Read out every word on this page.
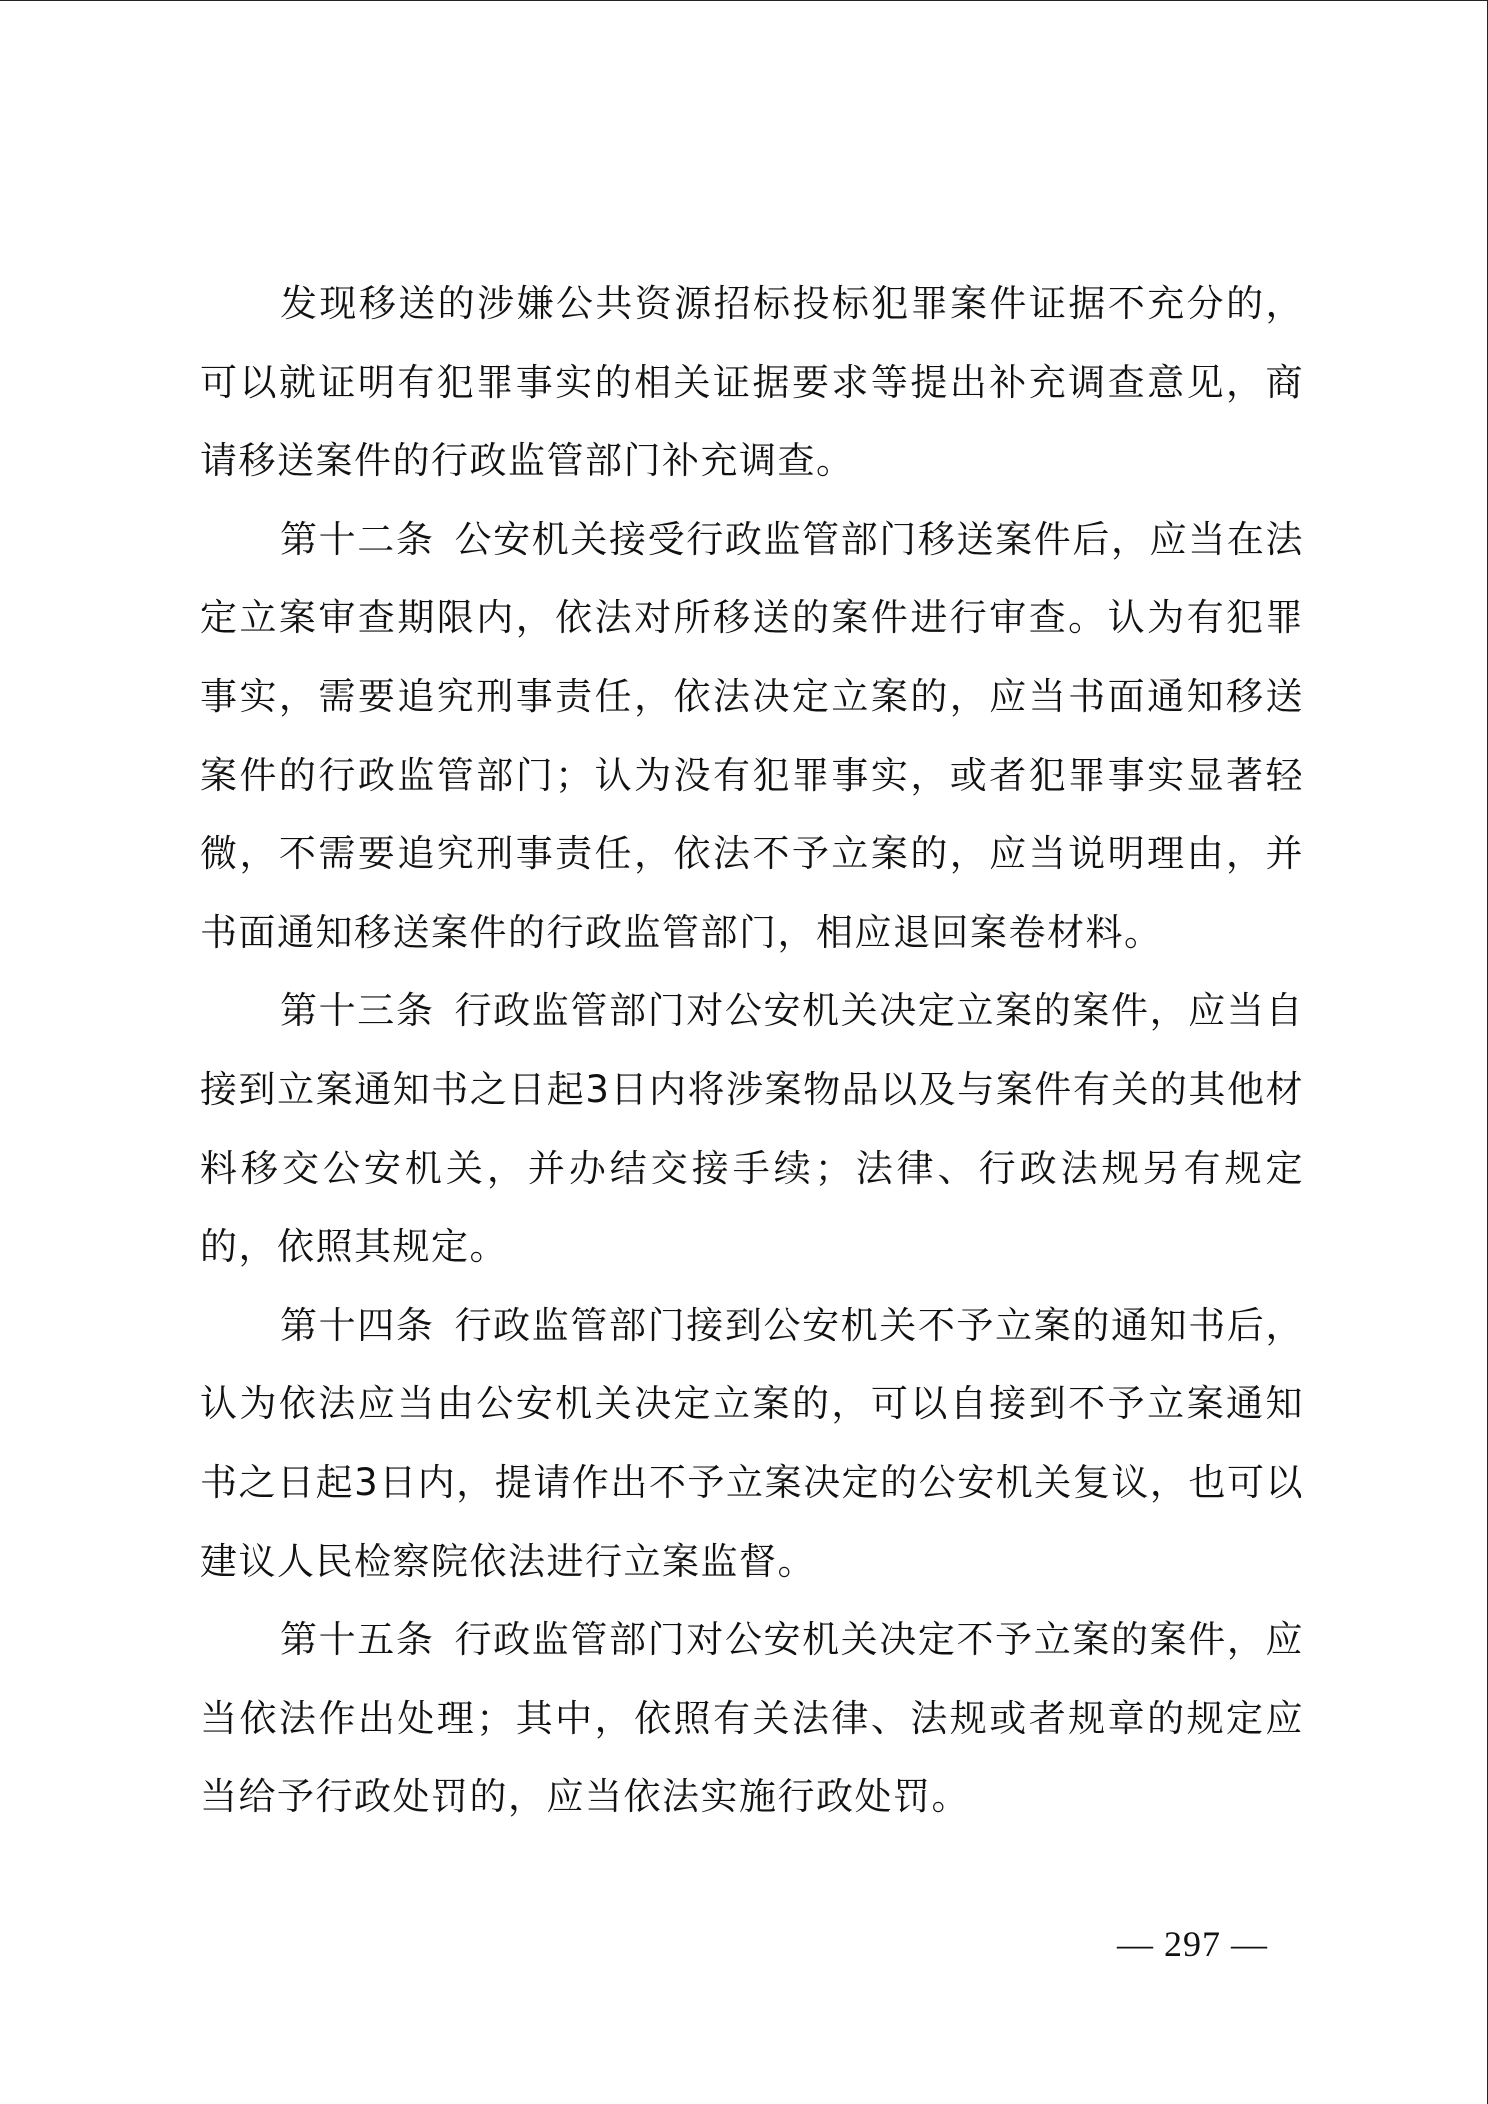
发现移送的涉嫌公共资源招标投标犯罪案件证据不充分的，可以就证明有犯罪事实的相关证据要求等提出补充调查意见，商请移送案件的行政监管部门补充调查。

第十二条 公安机关接受行政监管部门移送案件后，应当在法定立案审查期限内，依法对所移送的案件进行审查。认为有犯罪事实，需要追究刑事责任，依法决定立案的，应当书面通知移送案件的行政监管部门；认为没有犯罪事实，或者犯罪事实显著轻微，不需要追究刑事责任，依法不予立案的，应当说明理由，并书面通知移送案件的行政监管部门，相应退回案卷材料。

第十三条 行政监管部门对公安机关决定立案的案件，应当自接到立案通知书之日起3日内将涉案物品以及与案件有关的其他材料移交公安机关，并办结交接手续；法律、行政法规另有规定的，依照其规定。

第十四条 行政监管部门接到公安机关不予立案的通知书后，认为依法应当由公安机关决定立案的，可以自接到不予立案通知书之日起3日内，提请作出不予立案决定的公安机关复议，也可以建议人民检察院依法进行立案监督。

第十五条 行政监管部门对公安机关决定不予立案的案件，应当依法作出处理；其中，依照有关法律、法规或者规章的规定应当给予行政处罚的，应当依法实施行政处罚。

— 297 —
